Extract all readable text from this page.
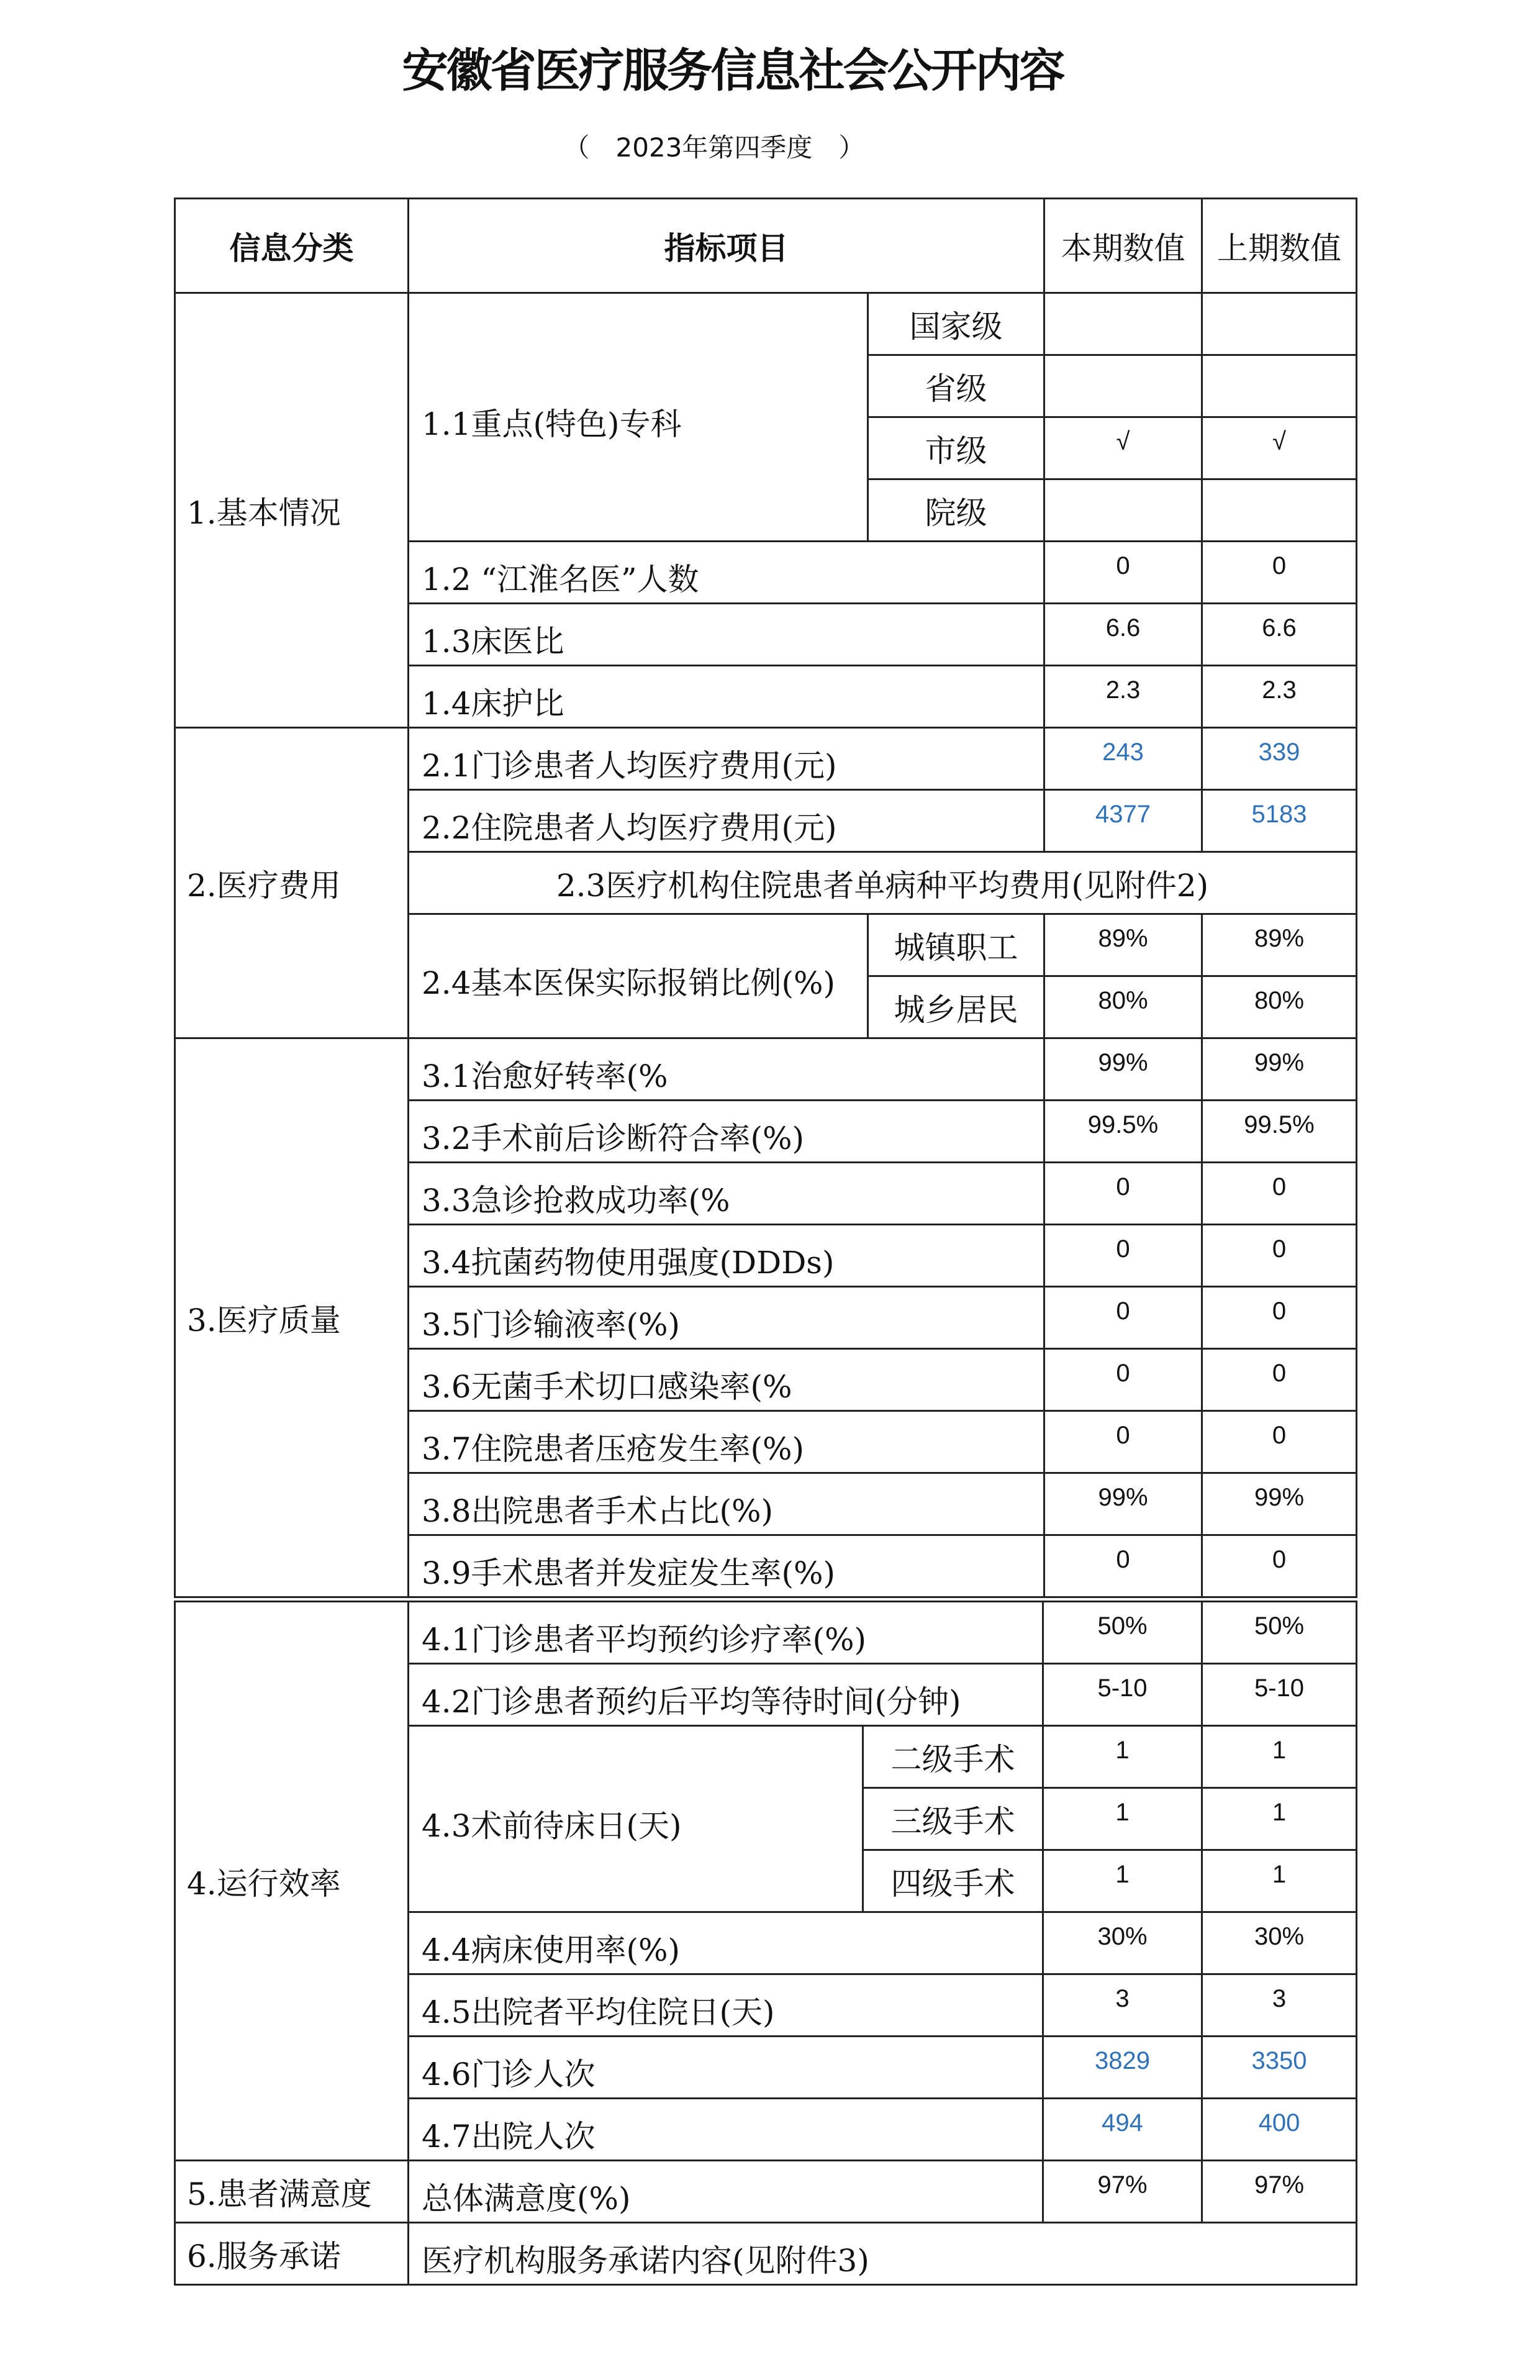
安徽省医疗服务信息社会公开内容
（　2023年第四季度　）
信息分类	指标项目		本期数值	上期数值
1.基本情况	1.1重点(特色)专科	国家级		
		省级		
		市级	√	√
		院级		
	1.2 “江淮名医”人数		0	0
	1.3床医比		6.6	6.6
	1.4床护比		2.3	2.3
2.医疗费用	2.1门诊患者人均医疗费用(元)		243	339
	2.2住院患者人均医疗费用(元)		4377	5183
	2.3医疗机构住院患者单病种平均费用(见附件2)			
	2.4基本医保实际报销比例(%)	城镇职工	89%	89%
		城乡居民	80%	80%
3.医疗质量	3.1治愈好转率(%		99%	99%
	3.2手术前后诊断符合率(%)		99.5%	99.5%
	3.3急诊抢救成功率(%		0	0
	3.4抗菌药物使用强度(DDDs)		0	0
	3.5门诊输液率(%)		0	0
	3.6无菌手术切口感染率(%		0	0
	3.7住院患者压疮发生率(%)		0	0
	3.8出院患者手术占比(%)		99%	99%
	3.9手术患者并发症发生率(%)		0	0
4.运行效率	4.1门诊患者平均预约诊疗率(%)		50%	50%
	4.2门诊患者预约后平均等待时间(分钟)		5-10	5-10
	4.3术前待床日(天)	二级手术	1	1
		三级手术	1	1
		四级手术	1	1
	4.4病床使用率(%)		30%	30%
	4.5出院者平均住院日(天)		3	3
	4.6门诊人次		3829	3350
	4.7出院人次		494	400
5.患者满意度	总体满意度(%)		97%	97%
6.服务承诺	医疗机构服务承诺内容(见附件3)			
